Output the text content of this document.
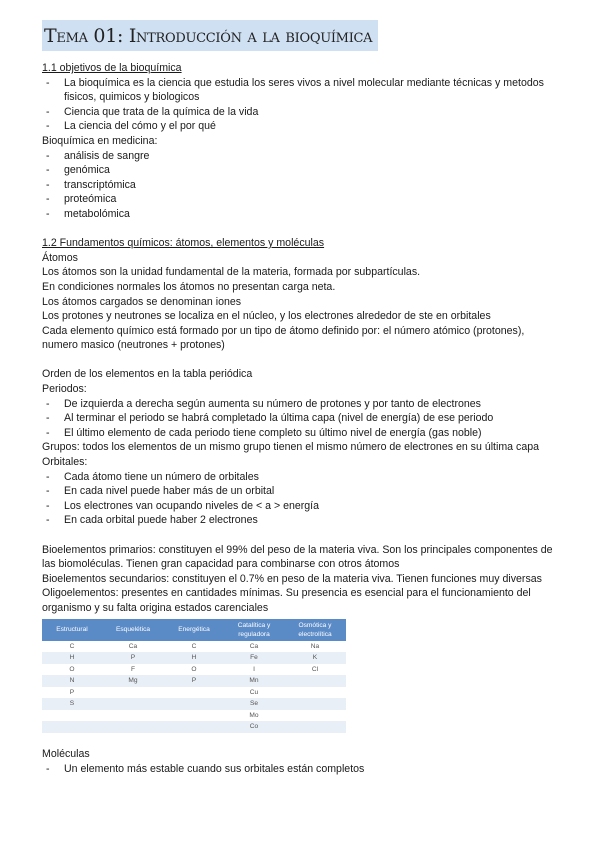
Tema 01: Introducción a la bioquímica

1.1 objetivos de la bioquímica

- La bioquímica es la ciencia que estudia los seres vivos a nivel molecular mediante técnicas y metodos fisicos, quimicos y biologicos
- Ciencia que trata de la química de la vida
- La ciencia del cómo y el por qué

Bioquímica en medicina:

- análisis de sangre
- genómica
- transcriptómica
- proteómica
- metabolómica

1.2 Fundamentos químicos: átomos, elementos y moléculas

Átomos

Los átomos son la unidad fundamental de la materia, formada por subpartículas.

En condiciones normales los átomos no presentan carga neta.

Los átomos cargados se denominan iones

Los protones y neutrones se localiza en el núcleo, y los electrones alrededor de ste en orbitales

Cada elemento químico está formado por un tipo de átomo definido por: el número atómico (protones), numero masico (neutrones + protones)

Orden de los elementos en la tabla periódica

Periodos:

- De izquierda a derecha según aumenta su número de protones y por tanto de electrones
- Al terminar el periodo se habrá completado la última capa (nivel de energía) de ese periodo
- El último elemento de cada periodo tiene completo su último nivel de energía (gas noble)

Grupos: todos los elementos de un mismo grupo tienen el mismo número de electrones en su última capa

Orbitales:

- Cada átomo tiene un número de orbitales
- En cada nivel puede haber más de un orbital
- Los electrones van ocupando niveles de < a > energía
- En cada orbital puede haber 2 electrones

Bioelementos primarios: constituyen el 99% del peso de la materia viva. Son los principales componentes de las biomoléculas. Tienen gran capacidad para combinarse con otros átomos

Bioelementos secundarios: constituyen el 0.7% en peso de la materia viva. Tienen funciones muy diversas

Oligoelementos: presentes en cantidades mínimas. Su presencia es esencial para el funcionamiento del organismo y su falta origina estados carenciales

Estructural	Esquelética	Energética	Catalítica y reguladora	Osmótica y electrolítica
C	Ca	C	Ca	Na
H	P	H	Fe	K
O	F	O	I	Cl
N	Mg	P	Mn	
P			Cu	
S			Se	
			Mo	
			Co	

Moléculas

- Un elemento más estable cuando sus orbitales están completos
